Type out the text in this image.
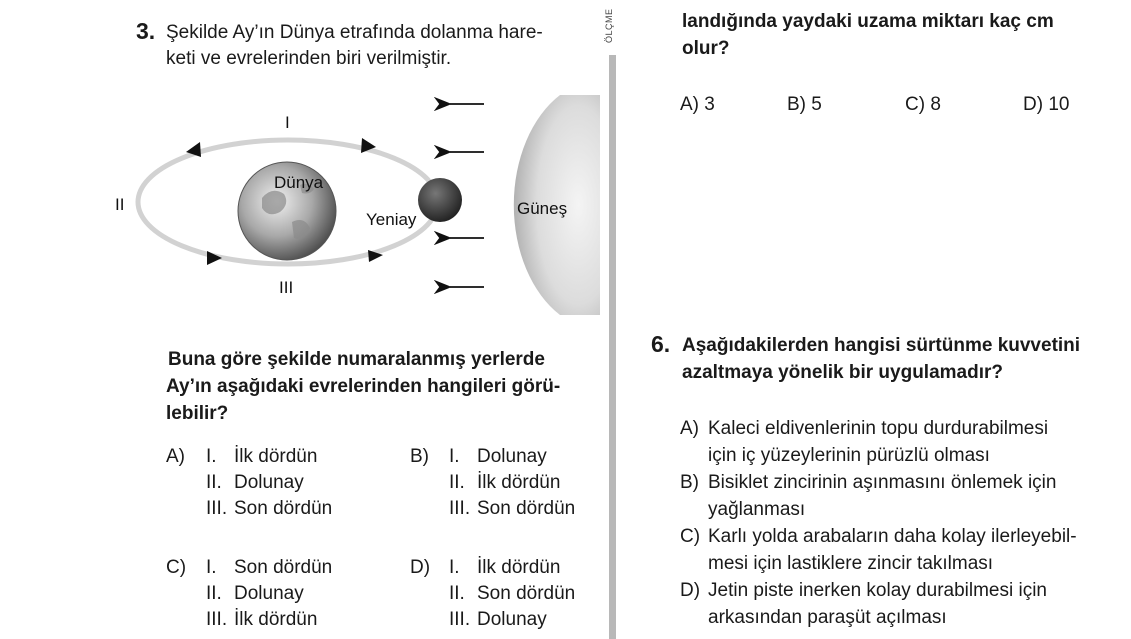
3. Şekilde Ay’ın Dünya etrafında dolanma hare-
keti ve evrelerinden biri verilmiştir.
I
II
III
Dünya
Yeniay
Güneş
Buna göre şekilde numaralanmış yerlerde
Ay’ın aşağıdaki evrelerinden hangileri görü-
lebilir?
A) I. İlk dördün
II. Dolunay
III. Son dördün
B) I. Dolunay
II. İlk dördün
III. Son dördün
C) I. Son dördün
II. Dolunay
III. İlk dördün
D) I. İlk dördün
II. Son dördün
III. Dolunay
ÖLÇME	landığında yaydaki uzama miktarı kaç cm
olur?
A) 3	B) 5	C) 8	D) 10
6. Aşağıdakilerden hangisi sürtünme kuvvetini
azaltmaya yönelik bir uygulamadır?
A) Kaleci eldivenlerinin topu durdurabilmesi
için iç yüzeylerinin pürüzlü olması
B) Bisiklet zincirinin aşınmasını önlemek için
yağlanması
C) Karlı yolda arabaların daha kolay ilerleyebil-
mesi için lastiklere zincir takılması
D) Jetin piste inerken kolay durabilmesi için
arkasından paraşüt açılması
